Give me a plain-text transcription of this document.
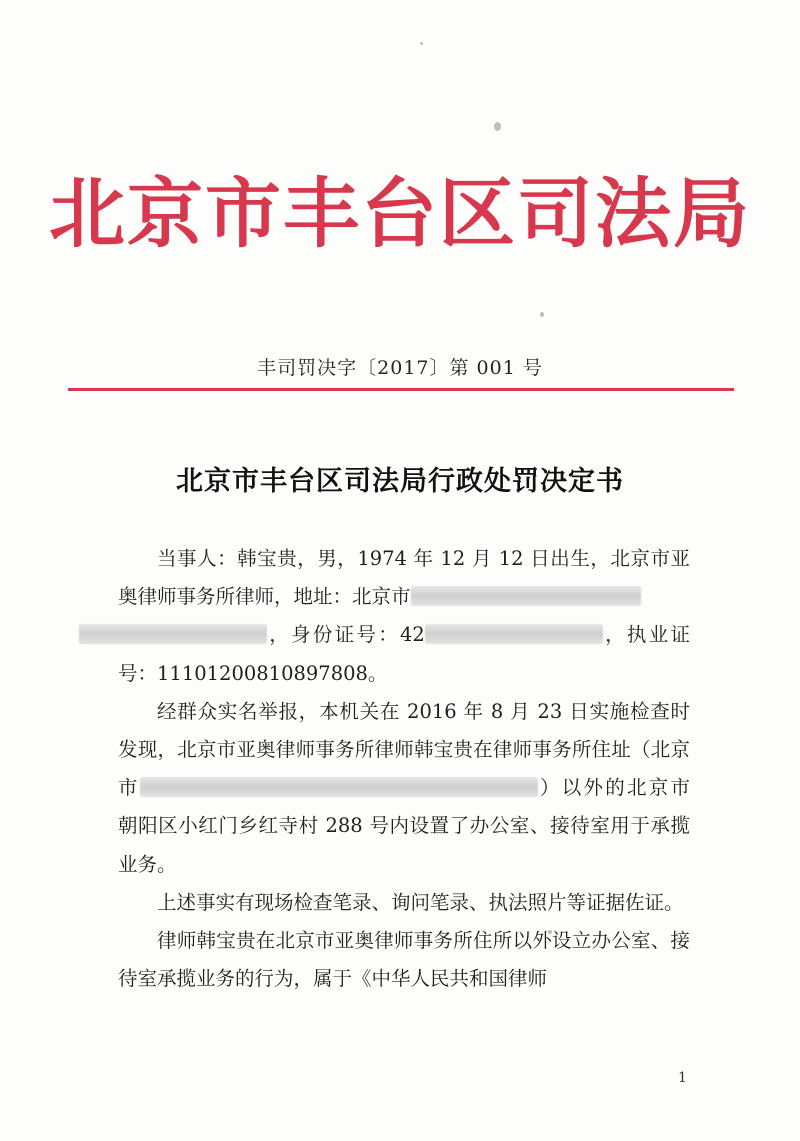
北京市丰台区司法局
丰司罚决字〔2017〕第 001 号
北京市丰台区司法局行政处罚决定书

当事人：韩宝贵，男，1974 年 12 月 12 日出生，北京市亚奥律师事务所律师，地址：北京市
，身份证号：42	，执业证号：11101200810897808。

经群众实名举报，本机关在 2016 年 8 月 23 日实施检查时发现，北京市亚奥律师事务所律师韩宝贵在律师事务所住址（北京市	）以外的北京市朝阳区小红门乡红寺村 288 号内设置了办公室、接待室用于承揽业务。

上述事实有现场检查笔录、询问笔录、执法照片等证据佐证。

律师韩宝贵在北京市亚奥律师事务所住所以外设立办公室、接待室承揽业务的行为，属于《中华人民共和国律师

1
